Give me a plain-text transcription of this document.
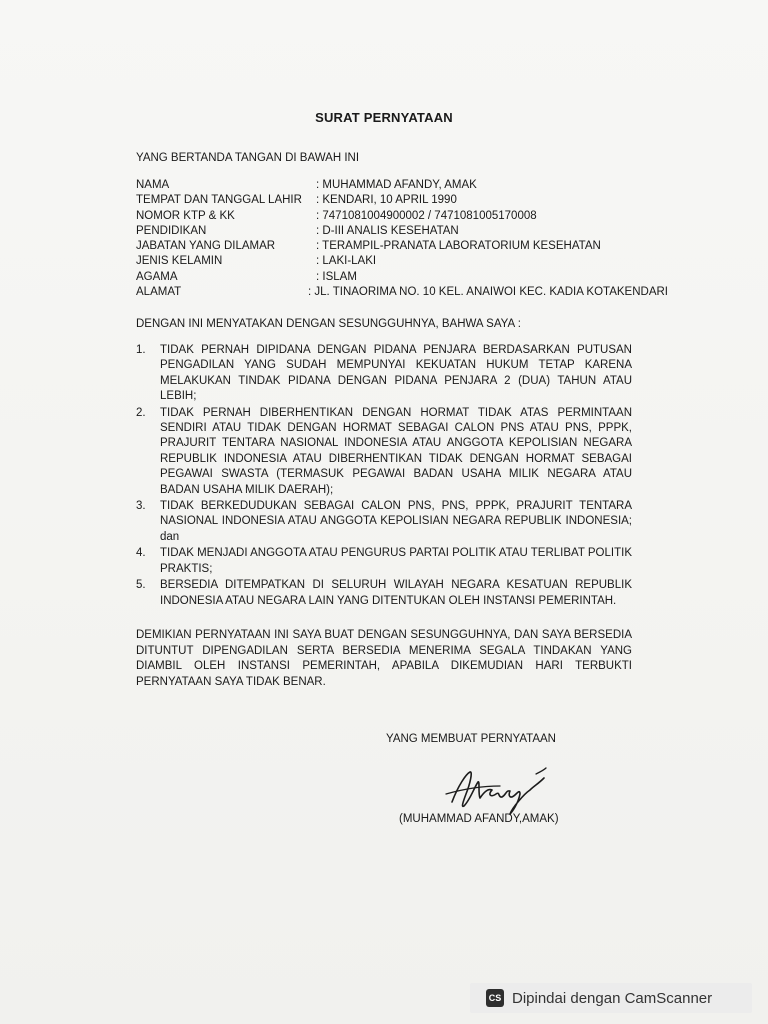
SURAT PERNYATAAN
YANG BERTANDA TANGAN DI BAWAH INI
NAMA	: MUHAMMAD AFANDY, AMAK
TEMPAT DAN TANGGAL LAHIR	: KENDARI, 10 APRIL 1990
NOMOR KTP & KK	: 7471081004900002 / 7471081005170008
PENDIDIKAN	: D-III ANALIS KESEHATAN
JABATAN YANG DILAMAR	: TERAMPIL-PRANATA LABORATORIUM KESEHATAN
JENIS KELAMIN	: LAKI-LAKI
AGAMA	: ISLAM
ALAMAT	: JL. TINAORIMA NO. 10 KEL. ANAIWOI KEC. KADIA KOTAKENDARI
DENGAN INI MENYATAKAN DENGAN SESUNGGUHNYA, BAHWA SAYA :
1.	TIDAK PERNAH DIPIDANA DENGAN PIDANA PENJARA BERDASARKAN PUTUSAN PENGADILAN YANG SUDAH MEMPUNYAI KEKUATAN HUKUM TETAP KARENA MELAKUKAN TINDAK PIDANA DENGAN PIDANA PENJARA 2 (DUA) TAHUN ATAU LEBIH;
2.	TIDAK PERNAH DIBERHENTIKAN DENGAN HORMAT TIDAK ATAS PERMINTAAN SENDIRI ATAU TIDAK DENGAN HORMAT SEBAGAI CALON PNS ATAU PNS, PPPK, PRAJURIT TENTARA NASIONAL INDONESIA ATAU ANGGOTA KEPOLISIAN NEGARA REPUBLIK INDONESIA ATAU DIBERHENTIKAN TIDAK DENGAN HORMAT SEBAGAI PEGAWAI SWASTA (TERMASUK PEGAWAI BADAN USAHA MILIK NEGARA ATAU BADAN USAHA MILIK DAERAH);
3.	TIDAK BERKEDUDUKAN SEBAGAI CALON PNS, PNS, PPPK, PRAJURIT TENTARA NASIONAL INDONESIA ATAU ANGGOTA KEPOLISIAN NEGARA REPUBLIK INDONESIA; dan
4.	TIDAK MENJADI ANGGOTA ATAU PENGURUS PARTAI POLITIK ATAU TERLIBAT POLITIK PRAKTIS;
5.	BERSEDIA DITEMPATKAN DI SELURUH WILAYAH NEGARA KESATUAN REPUBLIK INDONESIA ATAU NEGARA LAIN YANG DITENTUKAN OLEH INSTANSI PEMERINTAH.
DEMIKIAN PERNYATAAN INI SAYA BUAT DENGAN SESUNGGUHNYA, DAN SAYA BERSEDIA DITUNTUT DIPENGADILAN SERTA BERSEDIA MENERIMA SEGALA TINDAKAN YANG DIAMBIL OLEH INSTANSI PEMERINTAH, APABILA DIKEMUDIAN HARI TERBUKTI PERNYATAAN SAYA TIDAK BENAR.
YANG MEMBUAT PERNYATAAN
(MUHAMMAD AFANDY,AMAK)
CS Dipindai dengan CamScanner
